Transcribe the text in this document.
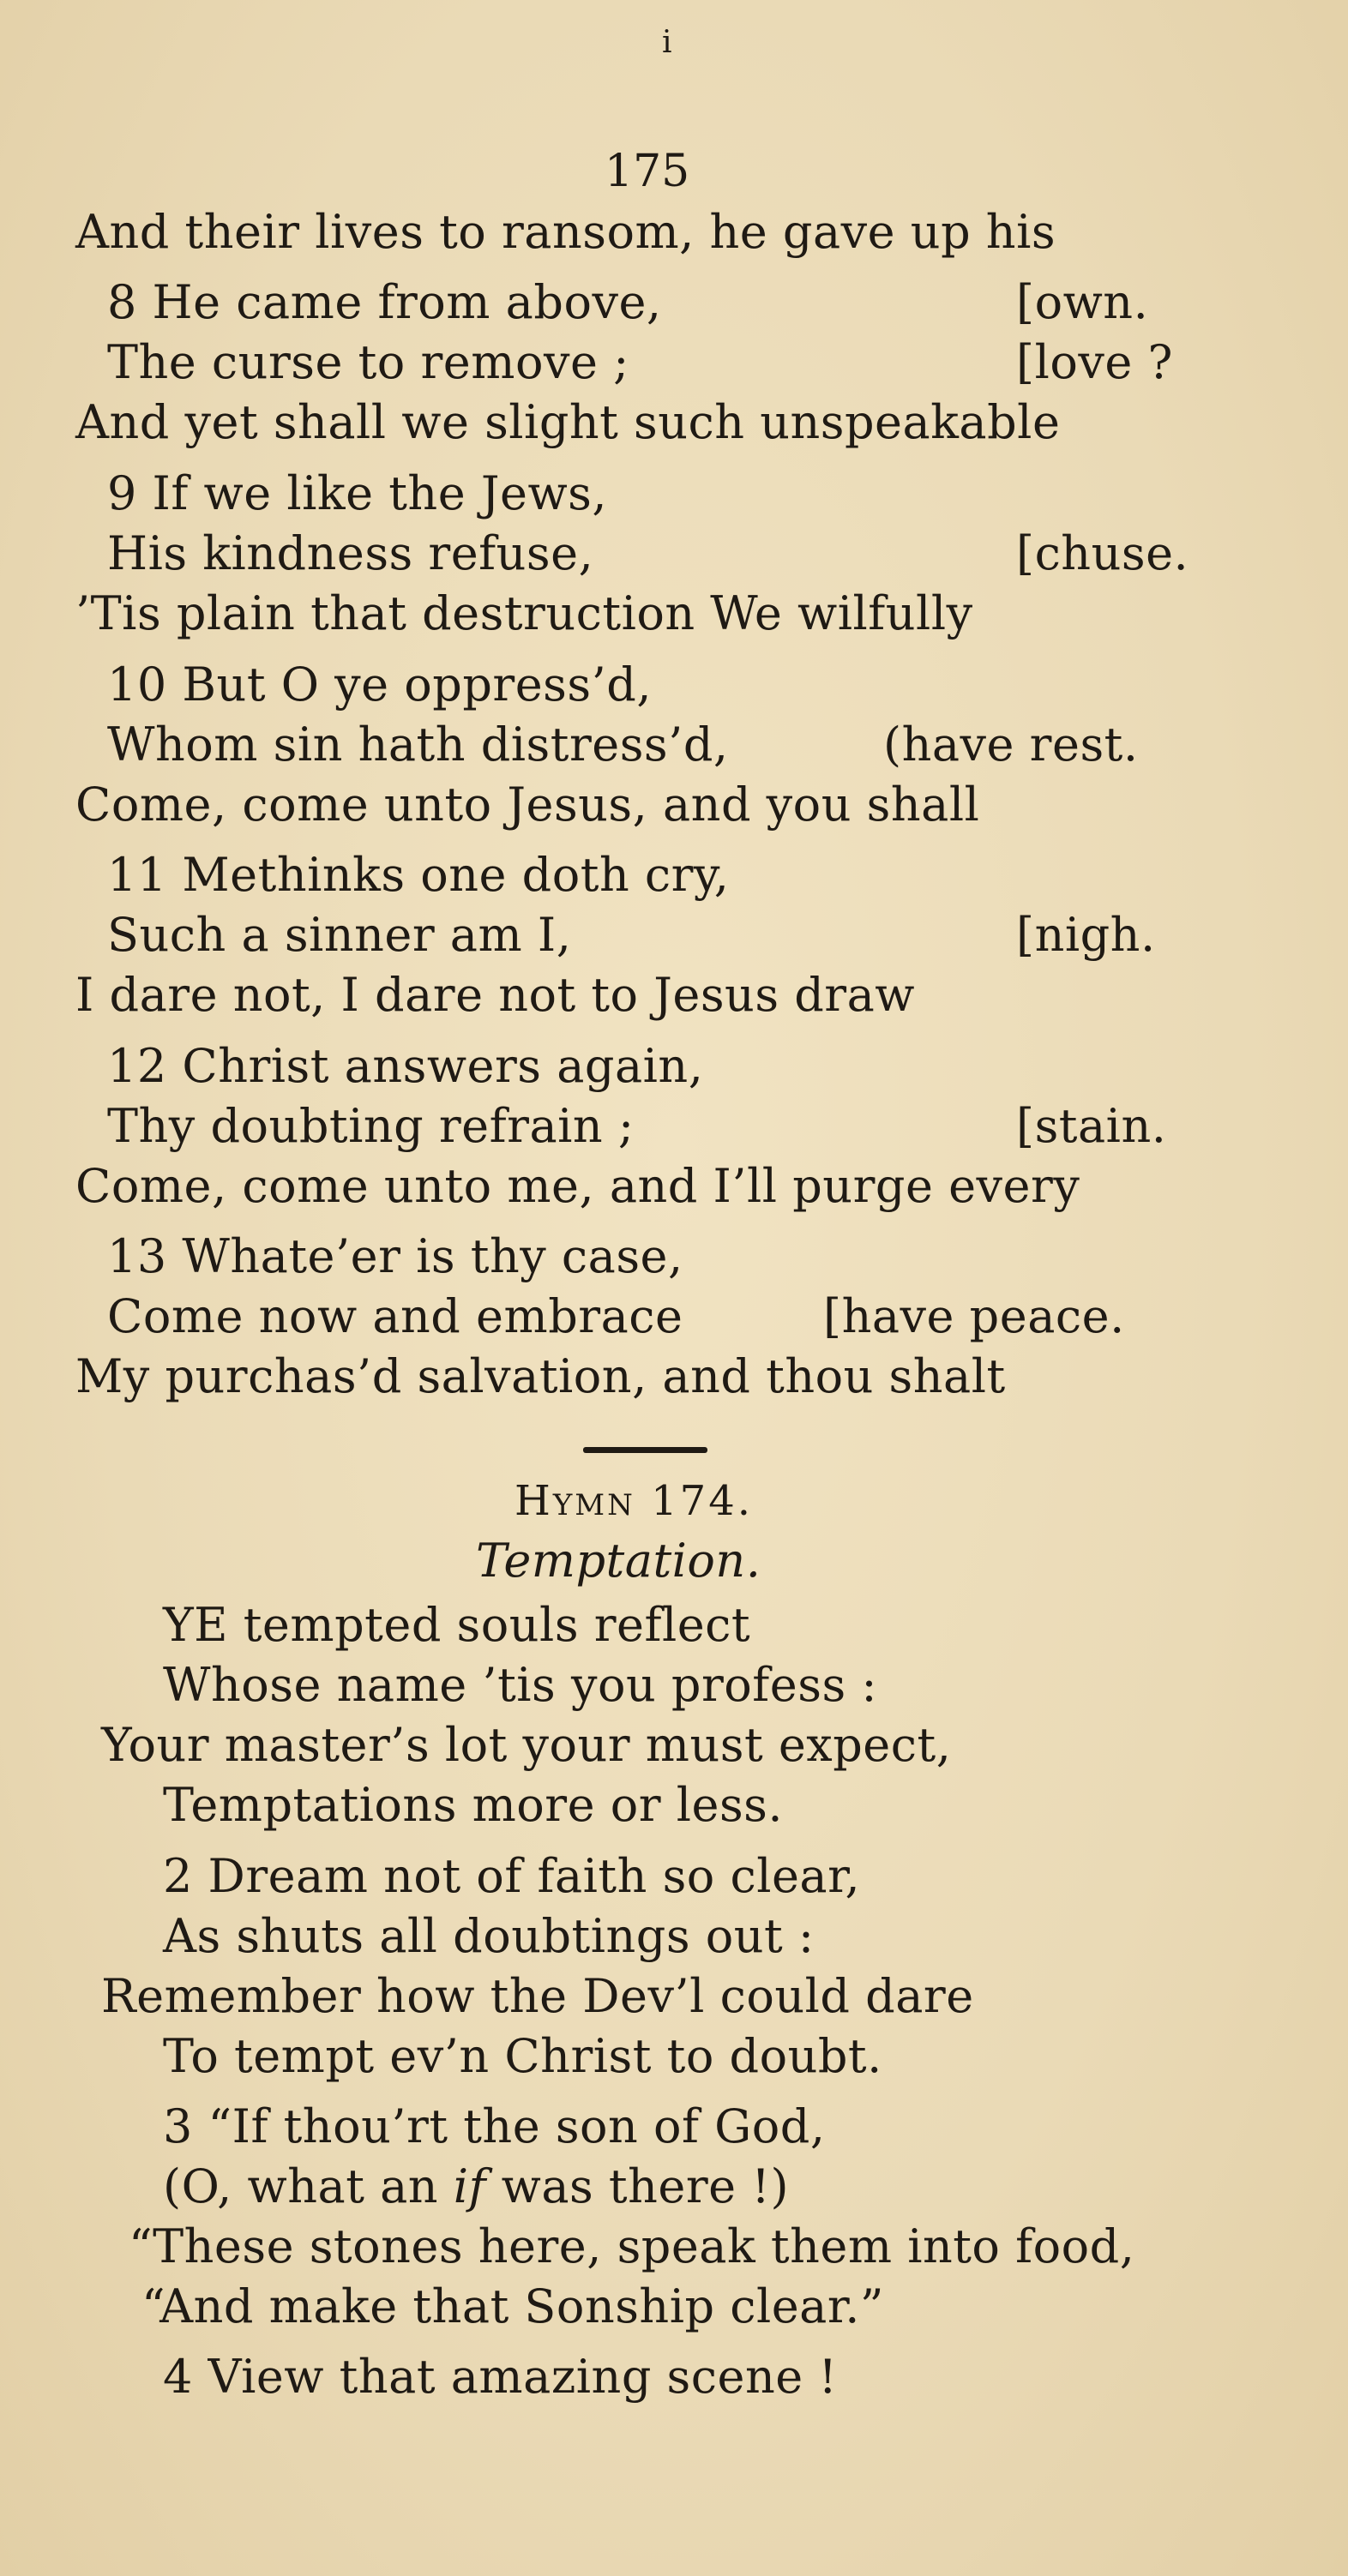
i
175
And their lives to ransom, he gave up his
8 He came from above,	[own.
The curse to remove ;	[love ?
And yet shall we slight such unspeakable
9 If we like the Jews,
His kindness refuse,	[chuse.
’Tis plain that destruction We wilfully
10 But O ye oppress’d,
Whom sin hath distress’d,	(have rest.
Come, come unto Jesus, and you shall
11 Methinks one doth cry,
Such a sinner am I,	[nigh.
I dare not, I dare not to Jesus draw
12 Christ answers again,
Thy doubting refrain ;	[stain.
Come, come unto me, and I’ll purge every
13 Whate’er is thy case,
Come now and embrace	[have peace.
My purchas’d salvation, and thou shalt
Hymn 174.
Temptation.
YE tempted souls reflect
Whose name ’tis you profess :
Your master’s lot your must expect,
Temptations more or less.
2 Dream not of faith so clear,
As shuts all doubtings out :
Remember how the Dev’l could dare
To tempt ev’n Christ to doubt.
3 “If thou’rt the son of God,
(O, what an if was there !)
“These stones here, speak them into food,
“And make that Sonship clear.”
4 View that amazing scene !
